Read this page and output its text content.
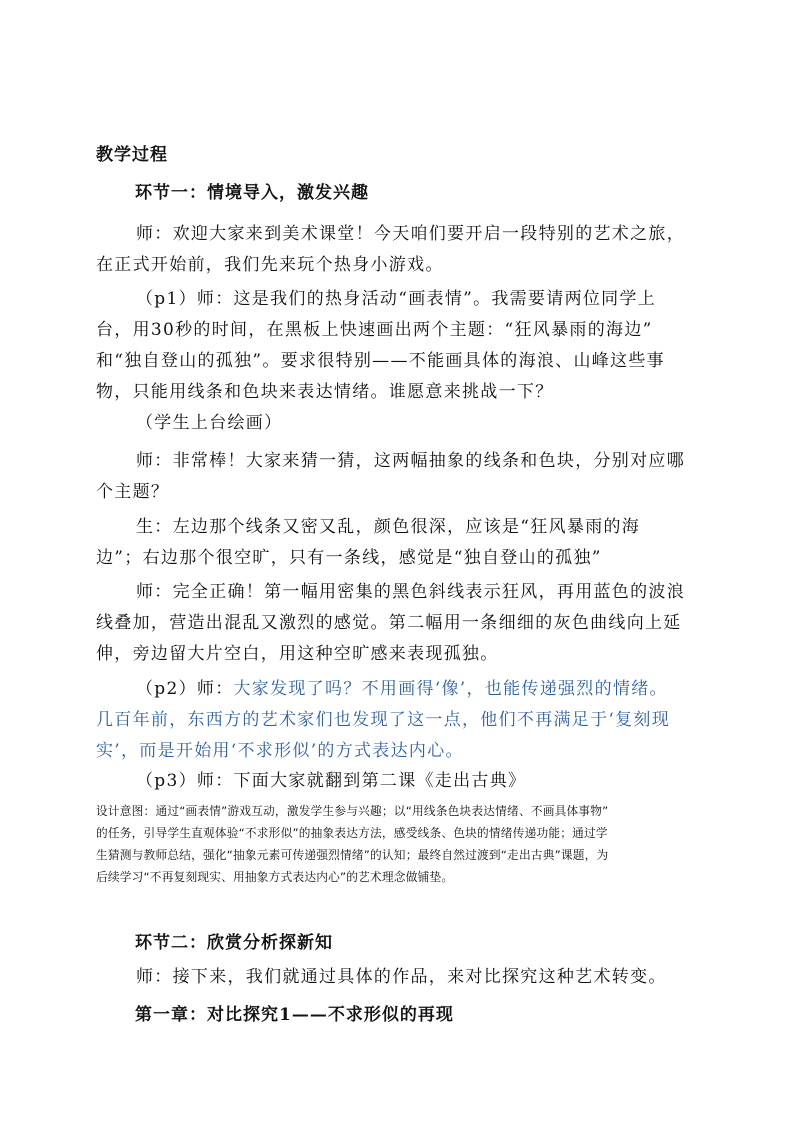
教学过程
环节一：情境导入，激发兴趣
师：欢迎大家来到美术课堂！今天咱们要开启一段特别的艺术之旅，
在正式开始前，我们先来玩个热身小游戏。
（p1）师：这是我们的热身活动“画表情”。我需要请两位同学上
台，用30秒的时间，在黑板上快速画出两个主题：“狂风暴雨的海边”
和“独自登山的孤独”。要求很特别——不能画具体的海浪、山峰这些事
物，只能用线条和色块来表达情绪。谁愿意来挑战一下？
（学生上台绘画）
师：非常棒！大家来猜一猜，这两幅抽象的线条和色块，分别对应哪
个主题？
生：左边那个线条又密又乱，颜色很深，应该是“狂风暴雨的海
边”；右边那个很空旷，只有一条线，感觉是“独自登山的孤独”
师：完全正确！第一幅用密集的黑色斜线表示狂风，再用蓝色的波浪
线叠加，营造出混乱又激烈的感觉。第二幅用一条细细的灰色曲线向上延
伸，旁边留大片空白，用这种空旷感来表现孤独。
（p2）师：大家发现了吗？不用画得‘像’，也能传递强烈的情绪。
几百年前，东西方的艺术家们也发现了这一点，他们不再满足于‘复刻现
实’，而是开始用‘不求形似’的方式表达内心。
（p3）师：下面大家就翻到第二课《走出古典》
设计意图：通过“画表情”游戏互动，激发学生参与兴趣；以“用线条色块表达情绪、不画具体事物”
的任务，引导学生直观体验“不求形似”的抽象表达方法，感受线条、色块的情绪传递功能；通过学
生猜测与教师总结，强化“抽象元素可传递强烈情绪”的认知；最终自然过渡到“走出古典”课题，为
后续学习“不再复刻现实、用抽象方式表达内心”的艺术理念做铺垫。
环节二：欣赏分析探新知
师：接下来，我们就通过具体的作品，来对比探究这种艺术转变。
第一章：对比探究1——不求形似的再现
